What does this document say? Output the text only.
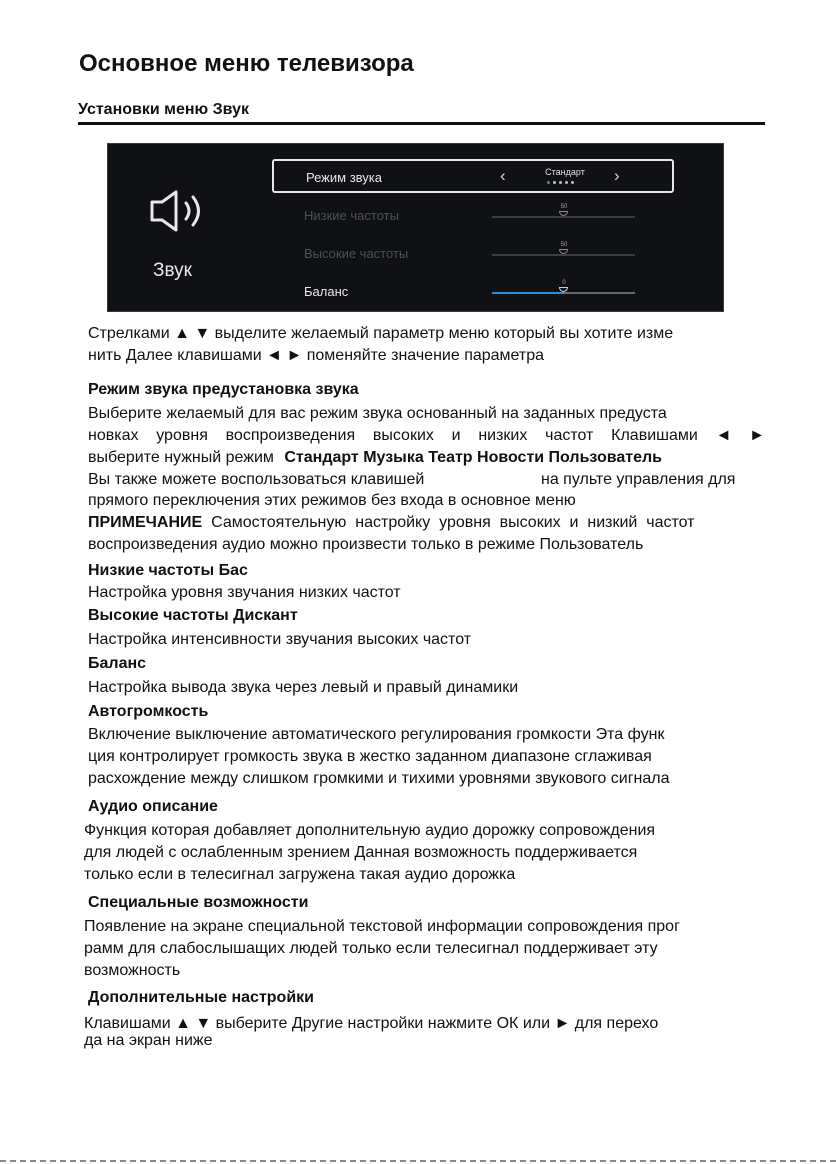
Основное меню телевизора
Установки меню Звук
Звук
Режим звука	‹	Стандарт	›
Низкие частоты
50
Высокие частоты
50
Баланс
0
Стрелками ▲ ▼ выделите желаемый параметр меню который вы хотите изме
нить Далее клавишами ◄ ► поменяйте значение параметра
Режим звука предустановка звука
Выберите желаемый для вас режим звука основанный на заданных предуста
новках уровня воспроизведения высоких и низких частот Клавишами ◄ ►
выберите нужный режим Стандарт Музыка Театр Новости Пользователь
Вы также можете воспользоваться клавишей	на пульте управления для
прямого переключения этих режимов без входа в основное меню
ПРИМЕЧАНИЕ  Самостоятельную  настройку  уровня  высоких  и  низкий  частот
воспроизведения аудио можно произвести только в режиме Пользователь
Низкие частоты Бас
Настройка уровня звучания низких частот
Высокие частоты Дискант
Настройка интенсивности звучания высоких частот
Баланс
Настройка вывода звука через левый и правый динамики
Автогромкость
Включение выключение автоматического регулирования громкости Эта функ
ция контролирует громкость звука в жестко заданном диапазоне сглаживая
расхождение между слишком громкими и тихими уровнями звукового сигнала
Аудио описание
Функция которая добавляет дополнительную аудио дорожку сопровождения
для людей с ослабленным зрением Данная возможность поддерживается
только если в телесигнал загружена такая аудио дорожка
Специальные возможности
Появление на экране специальной текстовой информации сопровождения прог
рамм для слабослышащих людей только если телесигнал поддерживает эту
возможность
Дополнительные настройки
Клавишами ▲ ▼ выберите Другие настройки нажмите ОК или ► для перехо
да на экран ниже
